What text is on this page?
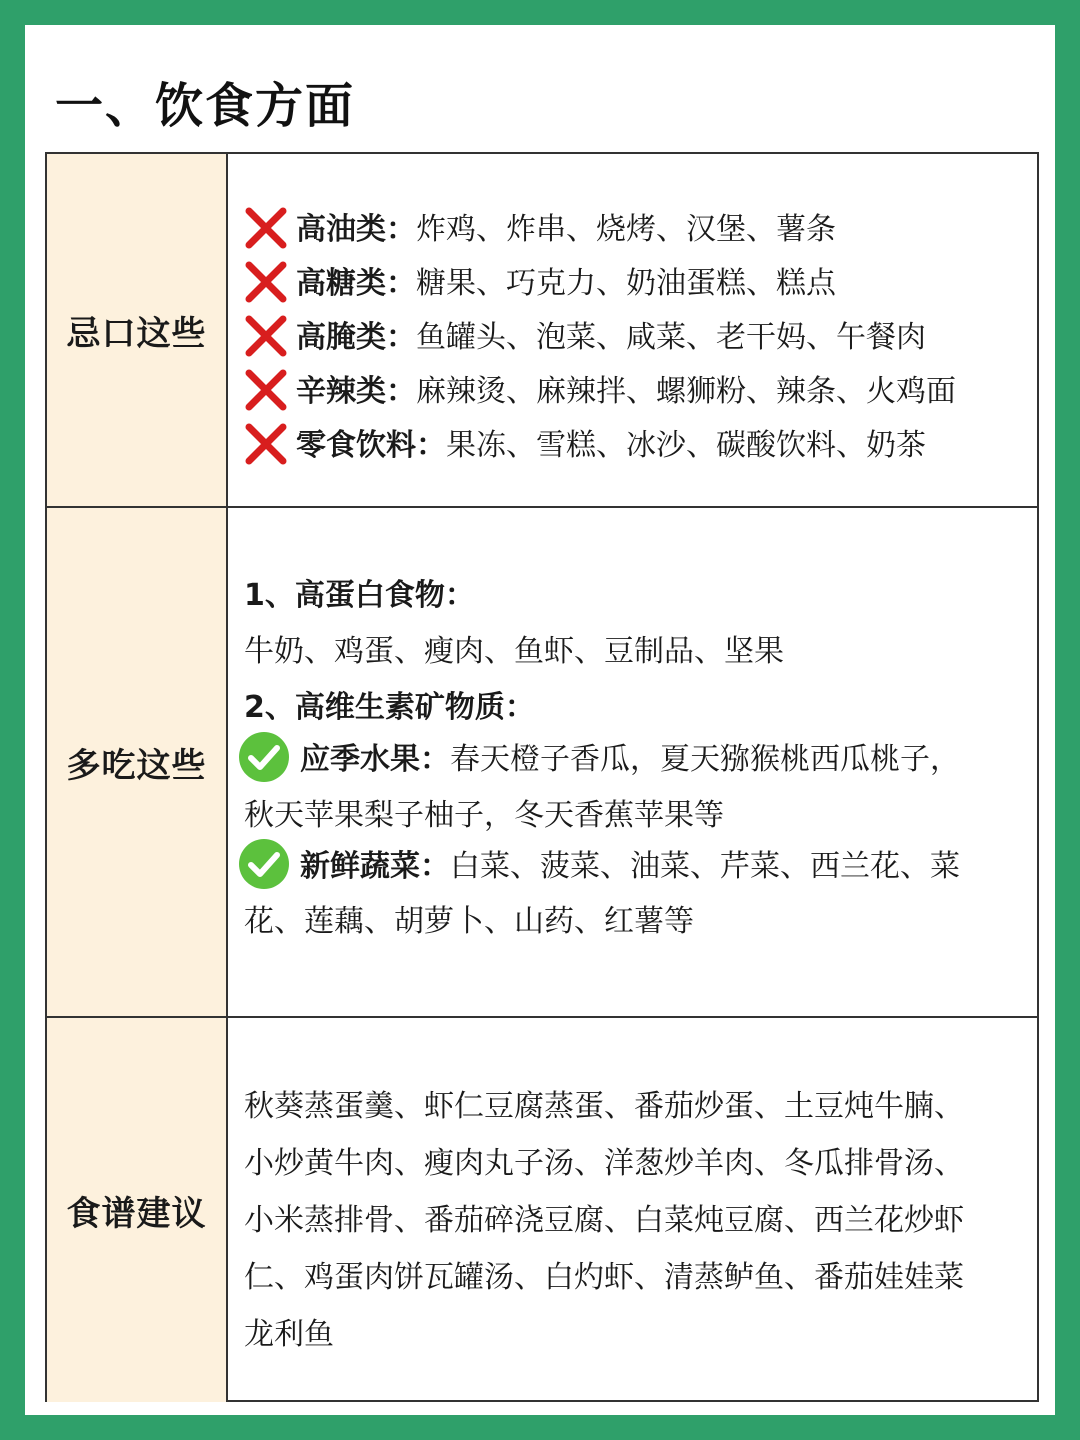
一、饮食方面
忌口这些
高油类：炸鸡、炸串、烧烤、汉堡、薯条
高糖类：糖果、巧克力、奶油蛋糕、糕点
高腌类：鱼罐头、泡菜、咸菜、老干妈、午餐肉
辛辣类：麻辣烫、麻辣拌、螺狮粉、辣条、火鸡面
零食饮料：果冻、雪糕、冰沙、碳酸饮料、奶茶
多吃这些
1、高蛋白食物：
牛奶、鸡蛋、瘦肉、鱼虾、豆制品、坚果
2、高维生素矿物质：
应季水果：春天橙子香瓜，夏天猕猴桃西瓜桃子，
秋天苹果梨子柚子，冬天香蕉苹果等
新鲜蔬菜：白菜、菠菜、油菜、芹菜、西兰花、菜
花、莲藕、胡萝卜、山药、红薯等
食谱建议
秋葵蒸蛋羹、虾仁豆腐蒸蛋、番茄炒蛋、土豆炖牛腩、
小炒黄牛肉、瘦肉丸子汤、洋葱炒羊肉、冬瓜排骨汤、
小米蒸排骨、番茄碎浇豆腐、白菜炖豆腐、西兰花炒虾
仁、鸡蛋肉饼瓦罐汤、白灼虾、清蒸鲈鱼、番茄娃娃菜
龙利鱼
